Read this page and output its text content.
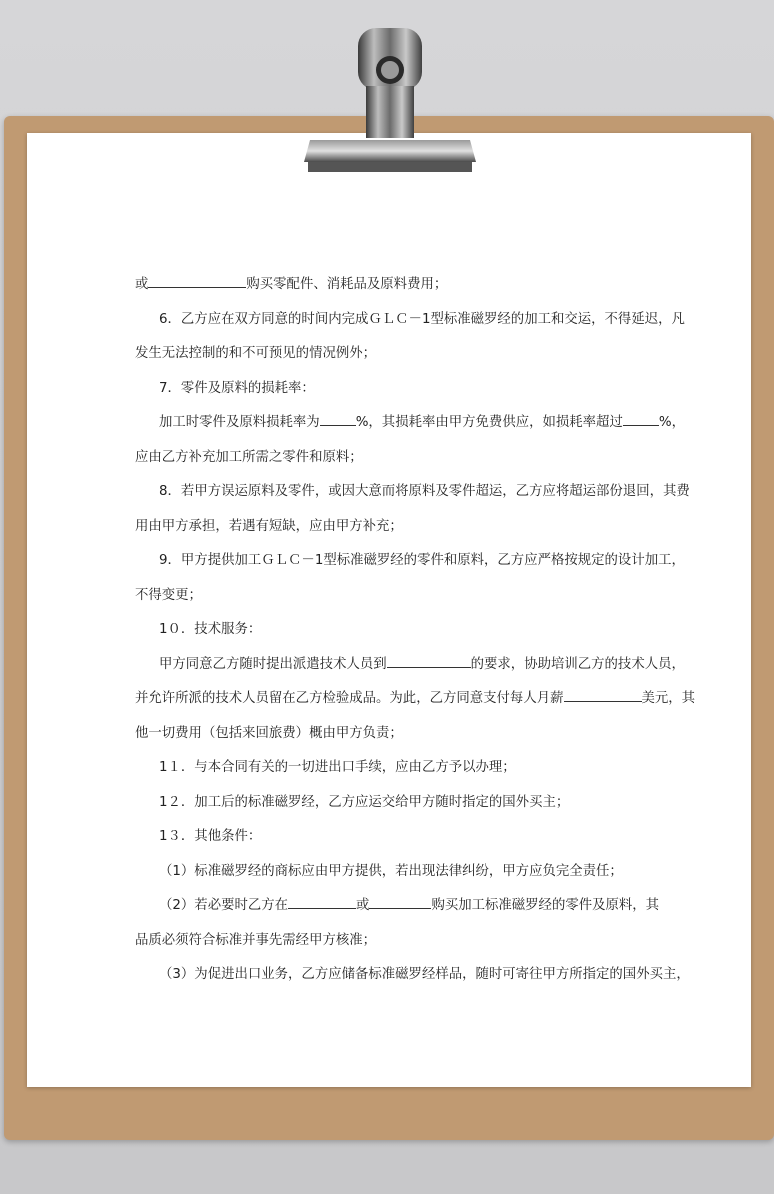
或	购买零配件、消耗品及原料费用；

6．乙方应在双方同意的时间内完成ＧＬＣ－1型标准磁罗经的加工和交运，不得延迟，凡

发生无法控制的和不可预见的情况例外；

7．零件及原料的损耗率：

加工时零件及原料损耗率为	%，其损耗率由甲方免费供应，如损耗率超过	%，

应由乙方补充加工所需之零件和原料；

8．若甲方误运原料及零件，或因大意而将原料及零件超运，乙方应将超运部份退回，其费

用由甲方承担，若遇有短缺，应由甲方补充；

9．甲方提供加工ＧＬＣ－1型标准磁罗经的零件和原料，乙方应严格按规定的设计加工，

不得变更；

1０．技术服务：

甲方同意乙方随时提出派遣技术人员到	的要求，协助培训乙方的技术人员，

并允许所派的技术人员留在乙方检验成品。为此，乙方同意支付每人月薪	美元，其

他一切费用（包括来回旅费）概由甲方负责；

1１．与本合同有关的一切进出口手续，应由乙方予以办理；

1２．加工后的标准磁罗经，乙方应运交给甲方随时指定的国外买主；

1３．其他条件：

（1）标准磁罗经的商标应由甲方提供，若出现法律纠纷，甲方应负完全责任；

（2）若必要时乙方在	或	购买加工标准磁罗经的零件及原料，其

品质必须符合标准并事先需经甲方核准；

（3）为促进出口业务，乙方应储备标准磁罗经样品，随时可寄往甲方所指定的国外买主，
